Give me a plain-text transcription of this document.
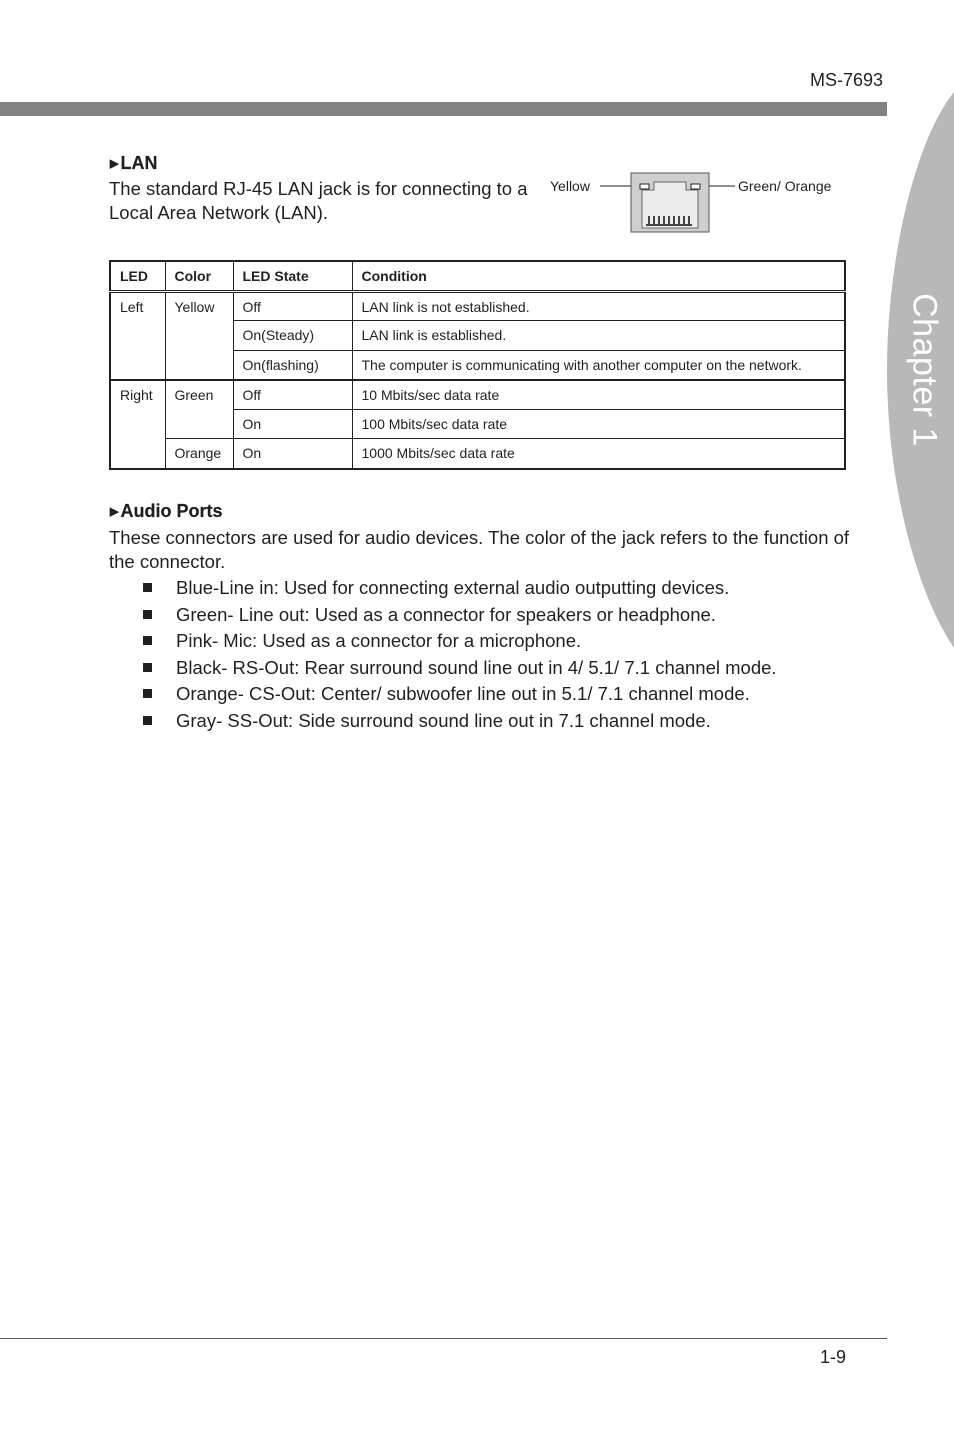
Chapter 1
MS-7693
▶ LAN
The standard RJ-45 LAN jack is for connecting to a Local Area Network (LAN).
Yellow	Green/ Orange
LED	Color	LED State	Condition
Left	Yellow	Off	LAN link is not established.
		On(Steady)	LAN link is established.
		On(flashing)	The computer is communicating with another computer on the network.
Right	Green	Off	10 Mbits/sec data rate
		On	100 Mbits/sec data rate
	Orange	On	1000 Mbits/sec data rate
▶ Audio Ports
These connectors are used for audio devices. The color of the jack refers to the function of the connector.
Blue-Line in: Used for connecting external audio outputting devices.
Green- Line out: Used as a connector for speakers or headphone.
Pink- Mic: Used as a connector for a microphone.
Black- RS-Out: Rear surround sound line out in 4/ 5.1/ 7.1 channel mode.
Orange- CS-Out: Center/ subwoofer line out in 5.1/ 7.1 channel mode.
Gray- SS-Out: Side surround sound line out in 7.1 channel mode.
1-9
